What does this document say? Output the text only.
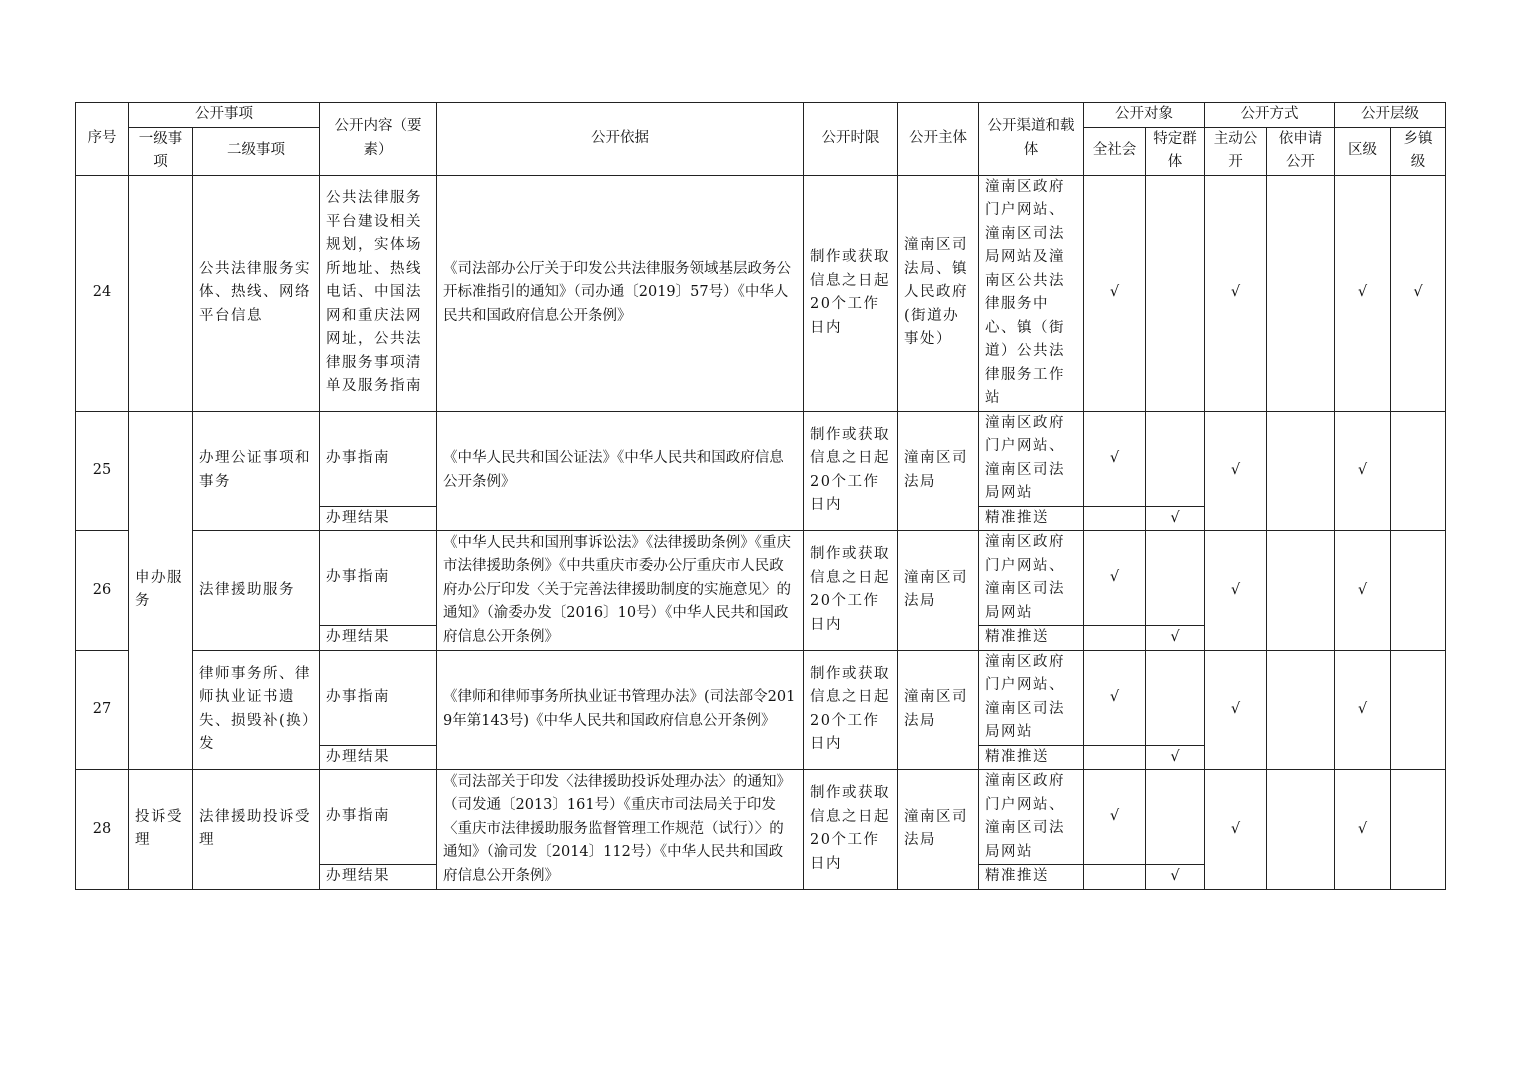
序号	公开事项		公开内容（要素）	公开依据	公开时限	公开主体	公开渠道和载体	公开对象		公开方式		公开层级	
	一级事项	二级事项						全社会	特定群体	主动公开	依申请公开	区级	乡镇级
24		公共法律服务实体、热线、网络平台信息	公共法律服务平台建设相关规划，实体场所地址、热线电话、中国法网和重庆法网网址，公共法律服务事项清单及服务指南	《司法部办公厅关于印发公共法律服务领域基层政务公开标准指引的通知》（司办通〔2019〕57号）《中华人民共和国政府信息公开条例》	制作或获取信息之日起20个工作日内	潼南区司法局、镇人民政府(街道办事处）	潼南区政府门户网站、潼南区司法局网站及潼南区公共法律服务中心、镇（街道）公共法律服务工作站	√		√		√	√
25	申办服务	办理公证事项和事务	办事指南	《中华人民共和国公证法》《中华人民共和国政府信息公开条例》	制作或获取信息之日起20个工作日内	潼南区司法局	潼南区政府门户网站、潼南区司法局网站	√		√		√	
			办理结果				精准推送		√				
26		法律援助服务	办事指南	《中华人民共和国刑事诉讼法》《法律援助条例》《重庆市法律援助条例》《中共重庆市委办公厅重庆市人民政府办公厅印发〈关于完善法律援助制度的实施意见〉的通知》（渝委办发〔2016〕10号）《中华人民共和国政府信息公开条例》	制作或获取信息之日起20个工作日内	潼南区司法局	潼南区政府门户网站、潼南区司法局网站	√		√		√	
			办理结果				精准推送		√				
27		律师事务所、律师执业证书遗失、损毁补(换）发	办事指南	《律师和律师事务所执业证书管理办法》(司法部令2019年第143号)《中华人民共和国政府信息公开条例》	制作或获取信息之日起20个工作日内	潼南区司法局	潼南区政府门户网站、潼南区司法局网站	√		√		√	
			办理结果				精准推送		√				
28	投诉受理	法律援助投诉受理	办事指南	《司法部关于印发〈法律援助投诉处理办法〉的通知》（司发通〔2013〕161号）《重庆市司法局关于印发〈重庆市法律援助服务监督管理工作规范（试行）〉的通知》（渝司发〔2014〕112号）《中华人民共和国政府信息公开条例》	制作或获取信息之日起20个工作日内	潼南区司法局	潼南区政府门户网站、潼南区司法局网站	√		√		√	
			办理结果				精准推送		√				
